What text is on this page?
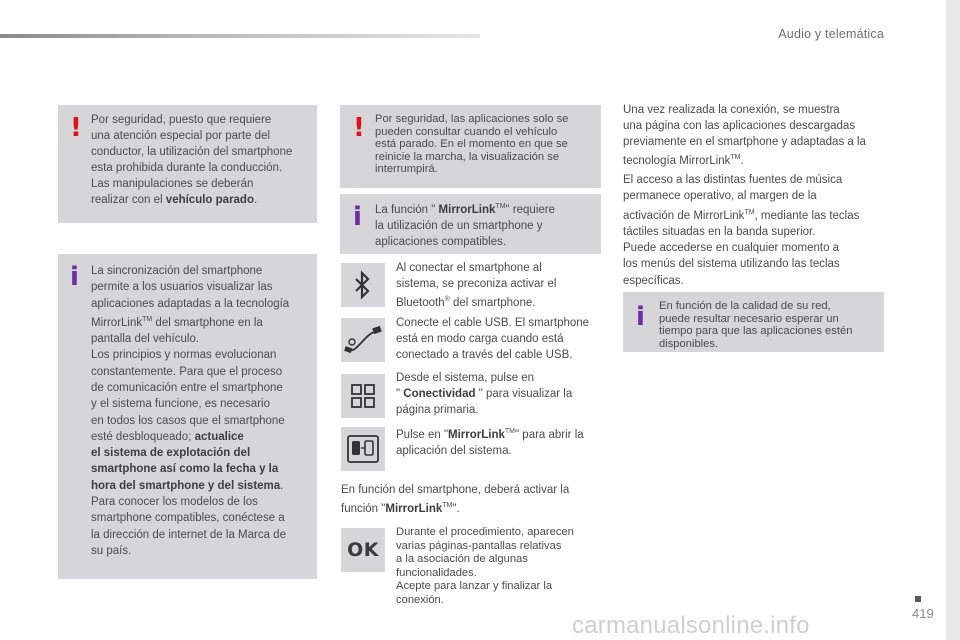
Audio y telemática
! Por seguridad, puesto que requiere
una atención especial por parte del
conductor, la utilización del smartphone
esta prohibida durante la conducción.
Las manipulaciones se deberán
realizar con el vehículo parado.
i La sincronización del smartphone
permite a los usuarios visualizar las
aplicaciones adaptadas a la tecnología
MirrorLink™ del smartphone en la
pantalla del vehículo.
Los principios y normas evolucionan
constantemente. Para que el proceso
de comunicación entre el smartphone
y el sistema funcione, es necesario
en todos los casos que el smartphone
esté desbloqueado; actualice
el sistema de explotación del
smartphone así como la fecha y la
hora del smartphone y del sistema.
Para conocer los modelos de los
smartphone compatibles, conéctese a
la dirección de internet de la Marca de
su país.
! Por seguridad, las aplicaciones solo se
pueden consultar cuando el vehículo
está parado. En el momento en que se
reinicie la marcha, la visualización se
interrumpirá.
i La función " MirrorLink™" requiere
la utilización de un smartphone y
aplicaciones compatibles.
Al conectar el smartphone al
sistema, se preconiza activar el
Bluetooth® del smartphone.
Conecte el cable USB. El smartphone
está en modo carga cuando está
conectado a través del cable USB.
Desde el sistema, pulse en
" Conectividad " para visualizar la
página primaria.
Pulse en "MirrorLink™" para abrir la
aplicación del sistema.
En función del smartphone, deberá activar la
función "MirrorLink™".
OK
Durante el procedimiento, aparecen
varias páginas-pantallas relativas
a la asociación de algunas
funcionalidades.
Acepte para lanzar y finalizar la
conexión.
Una vez realizada la conexión, se muestra
una página con las aplicaciones descargadas
previamente en el smartphone y adaptadas a la
tecnología MirrorLink™.
El acceso a las distintas fuentes de música
permanece operativo, al margen de la
activación de MirrorLink™, mediante las teclas
táctiles situadas en la banda superior.
Puede accederse en cualquier momento a
los menús del sistema utilizando las teclas
específicas.
i En función de la calidad de su red,
puede resultar necesario esperar un
tiempo para que las aplicaciones estén
disponibles.
carmanualsonline.info	419
